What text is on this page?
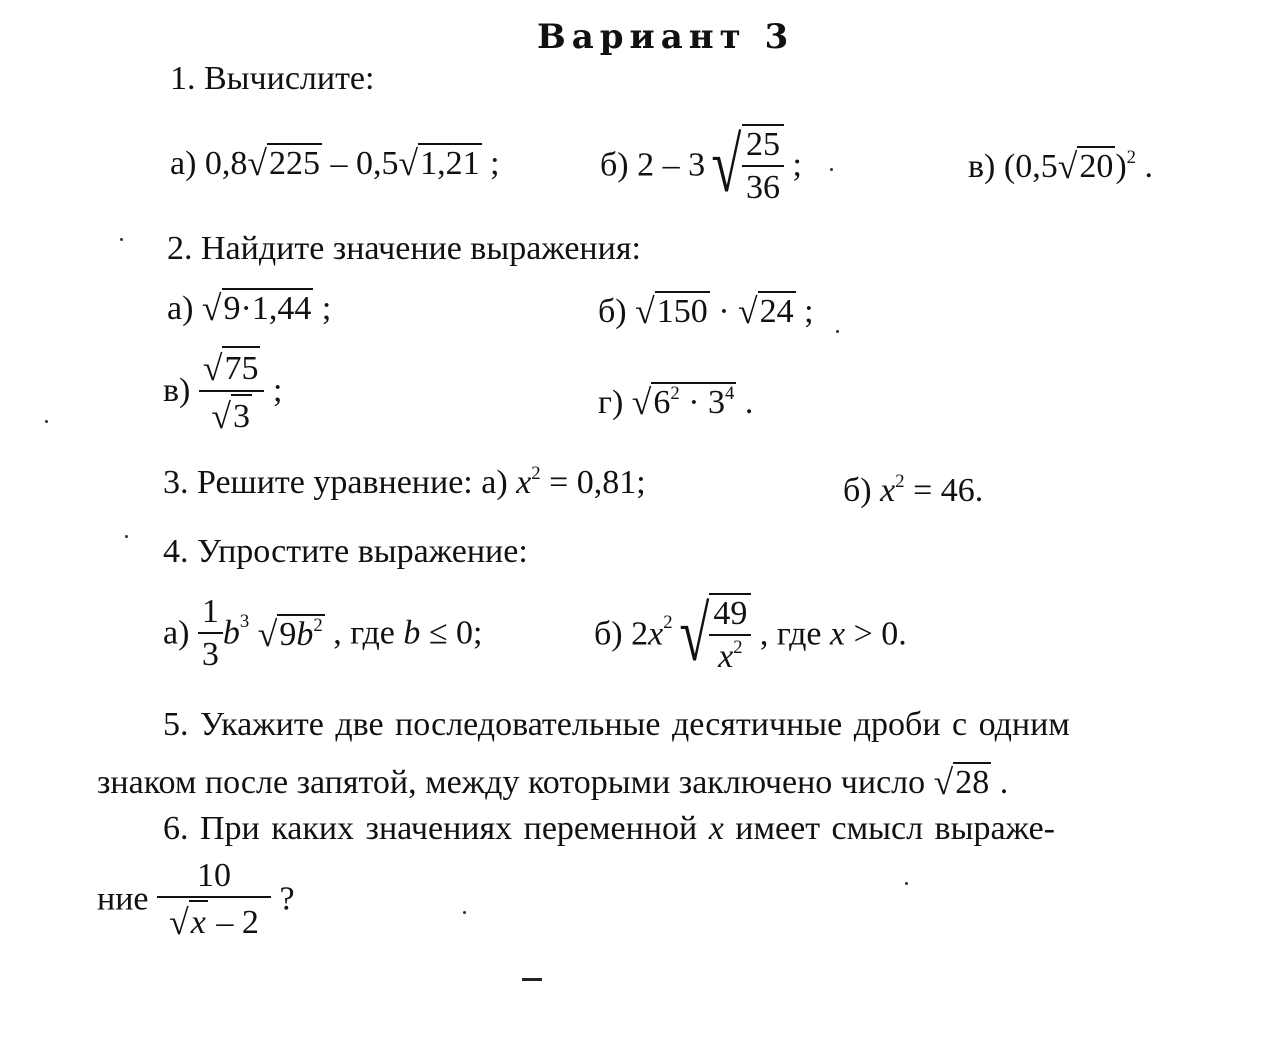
Вариант 3
1. Вычислите:
а) 0,8√225 – 0,5√1,21 ;	б) $2 - 3√ \frac{25}{36}$ ;	в) $(0,5√20)^2$ .
2. Найдите значение выражения:
а) √9·1,44 ;	б) √150 · √24 ;
$в) \frac{√75}{√3}$ ;	г) $√6^2 \cdot 3^4$ .
3. Решите уравнение: а) $x^2 = 0,81$;	б) $x^2 = 46$.
4. Упростите выражение:
$а) \frac{1}{3} b^3$ $√9b^2$ , где b ≤ 0;	б) $2x^2√ \frac{49}{x^2}$ , где x > 0.
5. Укажите две последовательные десятичные дроби с одним
знаком после запятой, между которыми заключено число √28 .
6. При каких значениях переменной x имеет смысл выраже-
ние $\frac{10}{√x - 2}$ ?
